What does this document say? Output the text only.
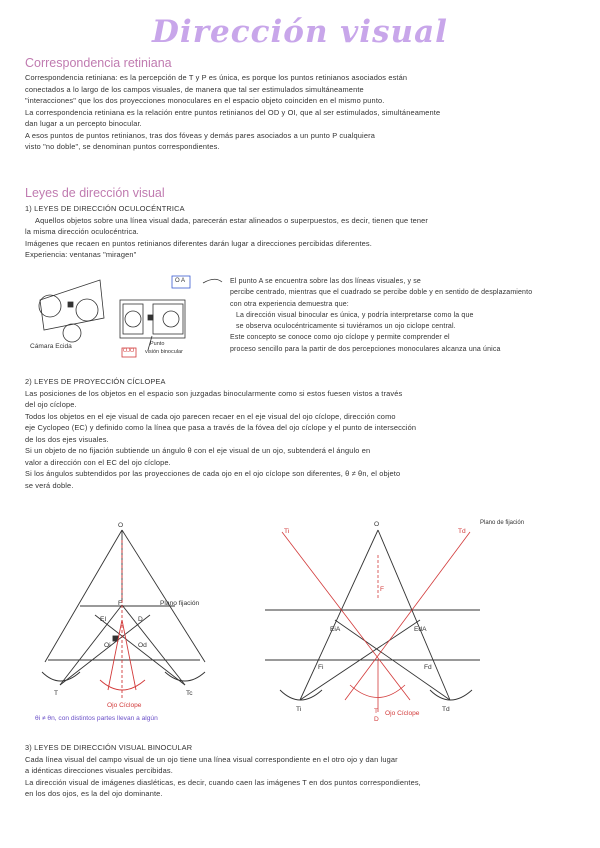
Dirección visual
Correspondencia retiniana
Correspondencia retiniana: es la percepción de T y P es única, es porque los puntos retinianos asociados están
conectados a lo largo de los campos visuales, de manera que tal ser estimulados simultáneamente
"interacciones" que los dos proyecciones monoculares en el espacio objeto coinciden en el mismo punto.
La correspondencia retiniana es la relación entre puntos retinianos del OD y OI, que al ser estimulados, simultáneamente
dan lugar a un percepto binocular.
A esos puntos de puntos retinianos, tras dos fóveas y demás pares asociados a un punto P cualquiera
visto "no doble", se denominan puntos correspondientes.
Leyes de dirección visual
1) LEYES DE DIRECCIÓN OCULOCÉNTRICA
Aquellos objetos sobre una línea visual dada, parecerán estar alineados o superpuestos, es decir, tienen que tener
la misma dirección oculocéntrica.
Imágenes que recaen en puntos retinianos diferentes darán lugar a direcciones percibidas diferentes.
Experiencia: ventanas "miragen"
Cámara Ecida
OJO
Punto
visión binocular
O A	El punto A se encuentra sobre las dos líneas visuales, y se
percibe centrado, mientras que el cuadrado se percibe doble y en sentido de desplazamiento
con otra experiencia demuestra que:
La dirección visual binocular es única, y podría interpretarse como la que
se observa oculocéntricamente si tuviéramos un ojo ciclope central.
Este concepto se conoce como ojo cíclope y permite comprender el
proceso sencillo para la partir de dos percepciones monoculares alcanza una única
2) LEYES DE PROYECCIÓN CÍCLOPEA
Las posiciones de los objetos en el espacio son juzgadas binocularmente como si estos fuesen vistos a través
del ojo cíclope.
Todos los objetos en el eje visual de cada ojo parecen recaer en el eje visual del ojo cíclope, dirección como
eje Cyclopeo (EC) y definido como la línea que pasa a través de la fóvea del ojo cíclope y el punto de intersección
de los dos ejes visuales.
Si un objeto de no fijación subtiende un ángulo θ con el eje visual de un ojo, subtenderá el ángulo en
valor a dirección con el EC del ojo cíclope.
Si los ángulos subtendidos por las proyecciones de cada ojo en el ojo cíclope son diferentes, θ ≠ θn, el objeto
se verá doble.
O
F	Plano fijación
EI	D
Oi	Od
T	Tc
Ojo Cíclope
θi ≠ θn, con distintos partes llevan a algún
O	Plano de fijación
EiA	EdA
Fi	Fd
Ti	Td
Ti	Td
F
T Ojo Cíclope
D
3) LEYES DE DIRECCIÓN VISUAL BINOCULAR
Cada línea visual del campo visual de un ojo tiene una línea visual correspondiente en el otro ojo y dan lugar
a idénticas direcciones visuales percibidas.
La dirección visual de imágenes diasléticas, es decir, cuando caen las imágenes T en dos puntos correspondientes,
en los dos ojos, es la del ojo dominante.
